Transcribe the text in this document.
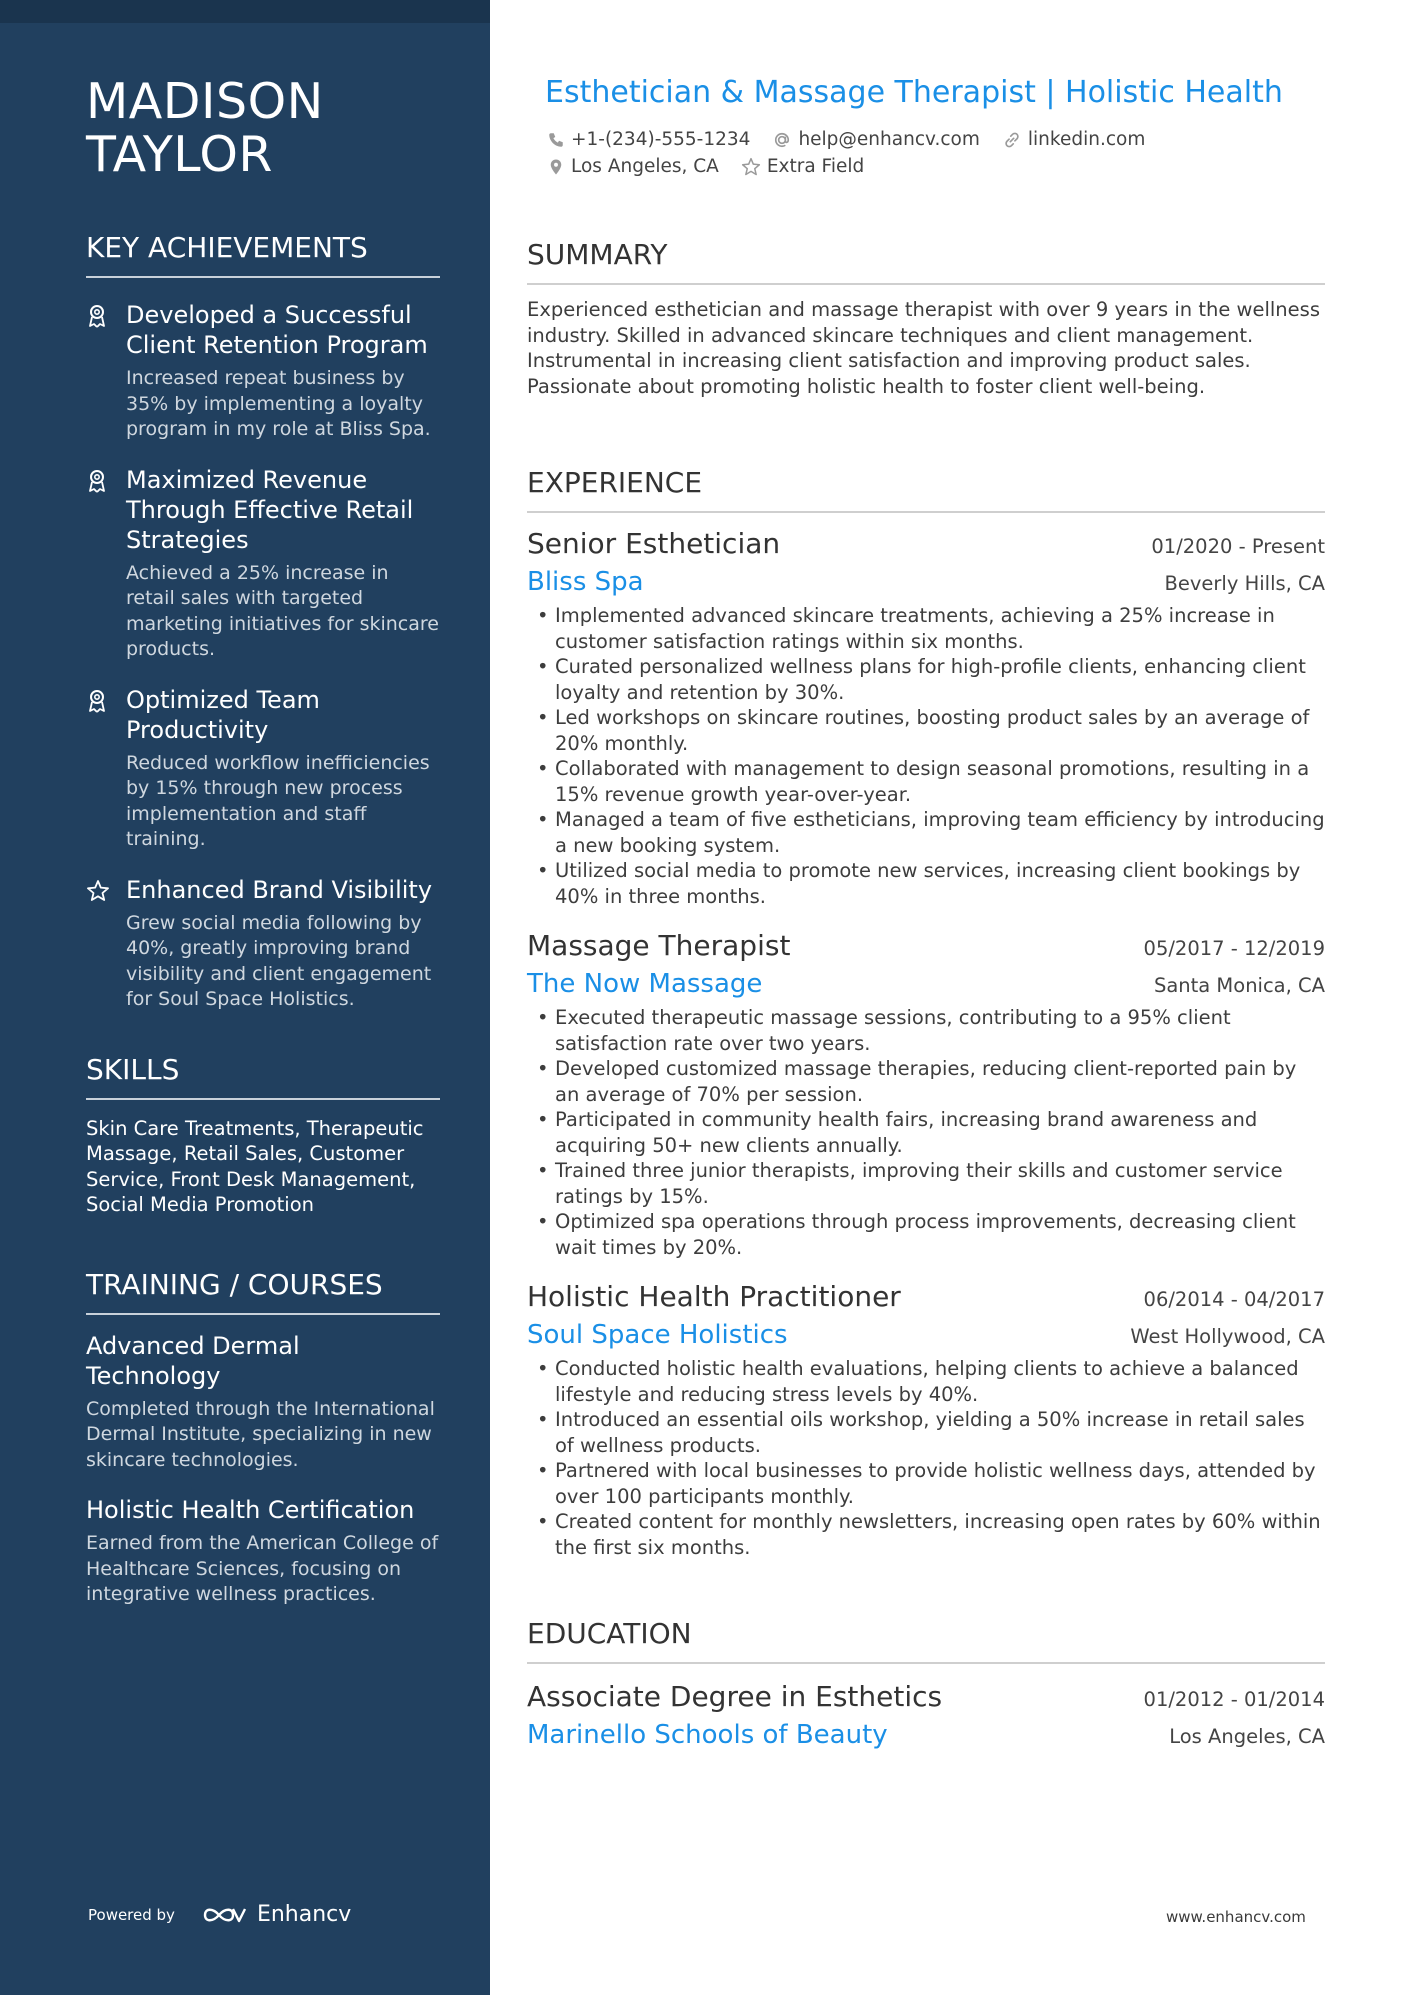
MADISON
TAYLOR
KEY ACHIEVEMENTS
Developed a Successful Client Retention Program
Increased repeat business by 35% by implementing a loyalty program in my role at Bliss Spa.
Maximized Revenue Through Effective Retail Strategies
Achieved a 25% increase in retail sales with targeted marketing initiatives for skincare products.
Optimized Team Productivity
Reduced workflow inefficiencies by 15% through new process implementation and staff training.
Enhanced Brand Visibility
Grew social media following by 40%, greatly improving brand visibility and client engagement for Soul Space Holistics.
SKILLS
Skin Care Treatments, Therapeutic Massage, Retail Sales, Customer Service, Front Desk Management, Social Media Promotion
TRAINING / COURSES
Advanced Dermal Technology
Completed through the International Dermal Institute, specializing in new skincare technologies.
Holistic Health Certification
Earned from the American College of Healthcare Sciences, focusing on integrative wellness practices.
Powered by	Enhancv
Esthetician & Massage Therapist | Holistic Health
+1-(234)-555-1234	help@enhancv.com	linkedin.com
Los Angeles, CA	Extra Field
SUMMARY
Experienced esthetician and massage therapist with over 9 years in the wellness industry. Skilled in advanced skincare techniques and client management. Instrumental in increasing client satisfaction and improving product sales. Passionate about promoting holistic health to foster client well-being.
EXPERIENCE
Senior Esthetician	01/2020 - Present
Bliss Spa	Beverly Hills, CA
• Implemented advanced skincare treatments, achieving a 25% increase in customer satisfaction ratings within six months.
• Curated personalized wellness plans for high-profile clients, enhancing client loyalty and retention by 30%.
• Led workshops on skincare routines, boosting product sales by an average of 20% monthly.
• Collaborated with management to design seasonal promotions, resulting in a 15% revenue growth year-over-year.
• Managed a team of five estheticians, improving team efficiency by introducing a new booking system.
• Utilized social media to promote new services, increasing client bookings by 40% in three months.
Massage Therapist	05/2017 - 12/2019
The Now Massage	Santa Monica, CA
• Executed therapeutic massage sessions, contributing to a 95% client satisfaction rate over two years.
• Developed customized massage therapies, reducing client-reported pain by an average of 70% per session.
• Participated in community health fairs, increasing brand awareness and acquiring 50+ new clients annually.
• Trained three junior therapists, improving their skills and customer service ratings by 15%.
• Optimized spa operations through process improvements, decreasing client wait times by 20%.
Holistic Health Practitioner	06/2014 - 04/2017
Soul Space Holistics	West Hollywood, CA
• Conducted holistic health evaluations, helping clients to achieve a balanced lifestyle and reducing stress levels by 40%.
• Introduced an essential oils workshop, yielding a 50% increase in retail sales of wellness products.
• Partnered with local businesses to provide holistic wellness days, attended by over 100 participants monthly.
• Created content for monthly newsletters, increasing open rates by 60% within the first six months.
EDUCATION
Associate Degree in Esthetics	01/2012 - 01/2014
Marinello Schools of Beauty	Los Angeles, CA
www.enhancv.com
